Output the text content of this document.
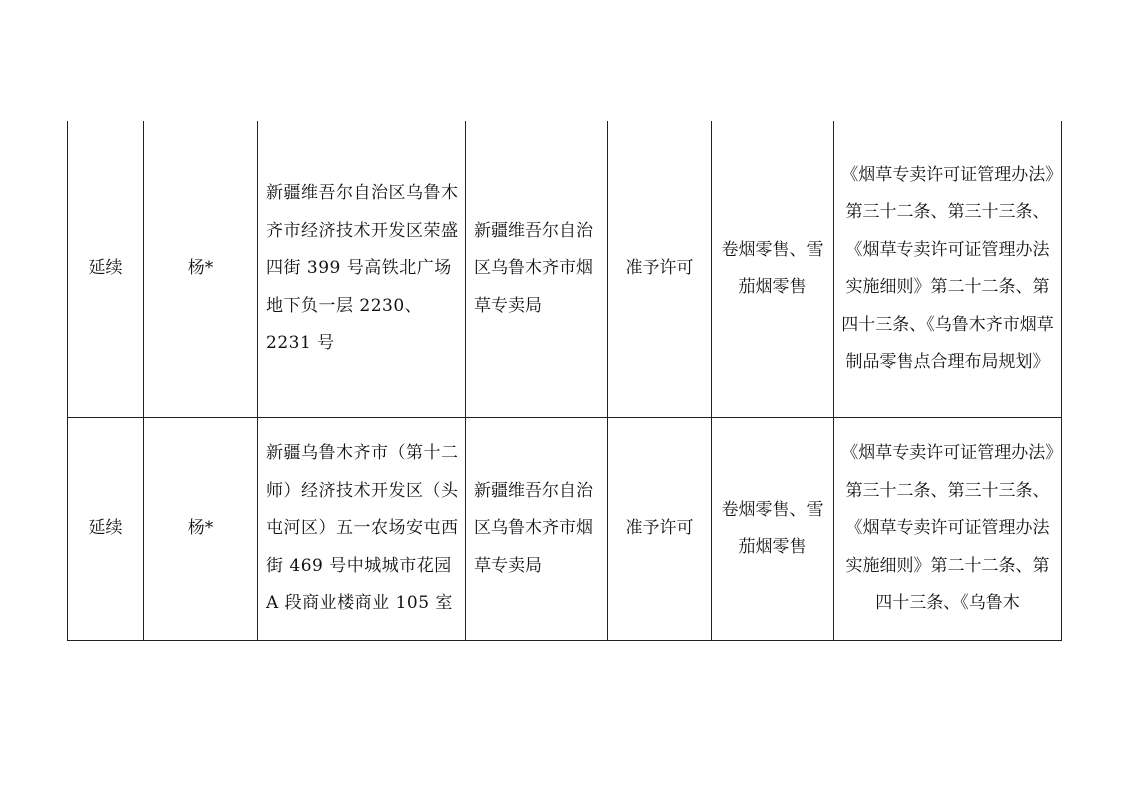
延续	杨*	新疆维吾尔自治区乌鲁木齐市经济技术开发区荣盛四街 399 号高铁北广场地下负一层 2230、2231 号	新疆维吾尔自治区乌鲁木齐市烟草专卖局	准予许可	卷烟零售、雪茄烟零售	《烟草专卖许可证管理办法》第三十二条、第三十三条、《烟草专卖许可证管理办法实施细则》第二十二条、第四十三条、《乌鲁木齐市烟草制品零售点合理布局规划》

延续	杨*	新疆乌鲁木齐市（第十二师）经济技术开发区（头屯河区）五一农场安屯西街 469 号中城城市花园 A 段商业楼商业 105 室	新疆维吾尔自治区乌鲁木齐市烟草专卖局	准予许可	卷烟零售、雪茄烟零售	《烟草专卖许可证管理办法》第三十二条、第三十三条、《烟草专卖许可证管理办法实施细则》第二十二条、第四十三条、《乌鲁木
